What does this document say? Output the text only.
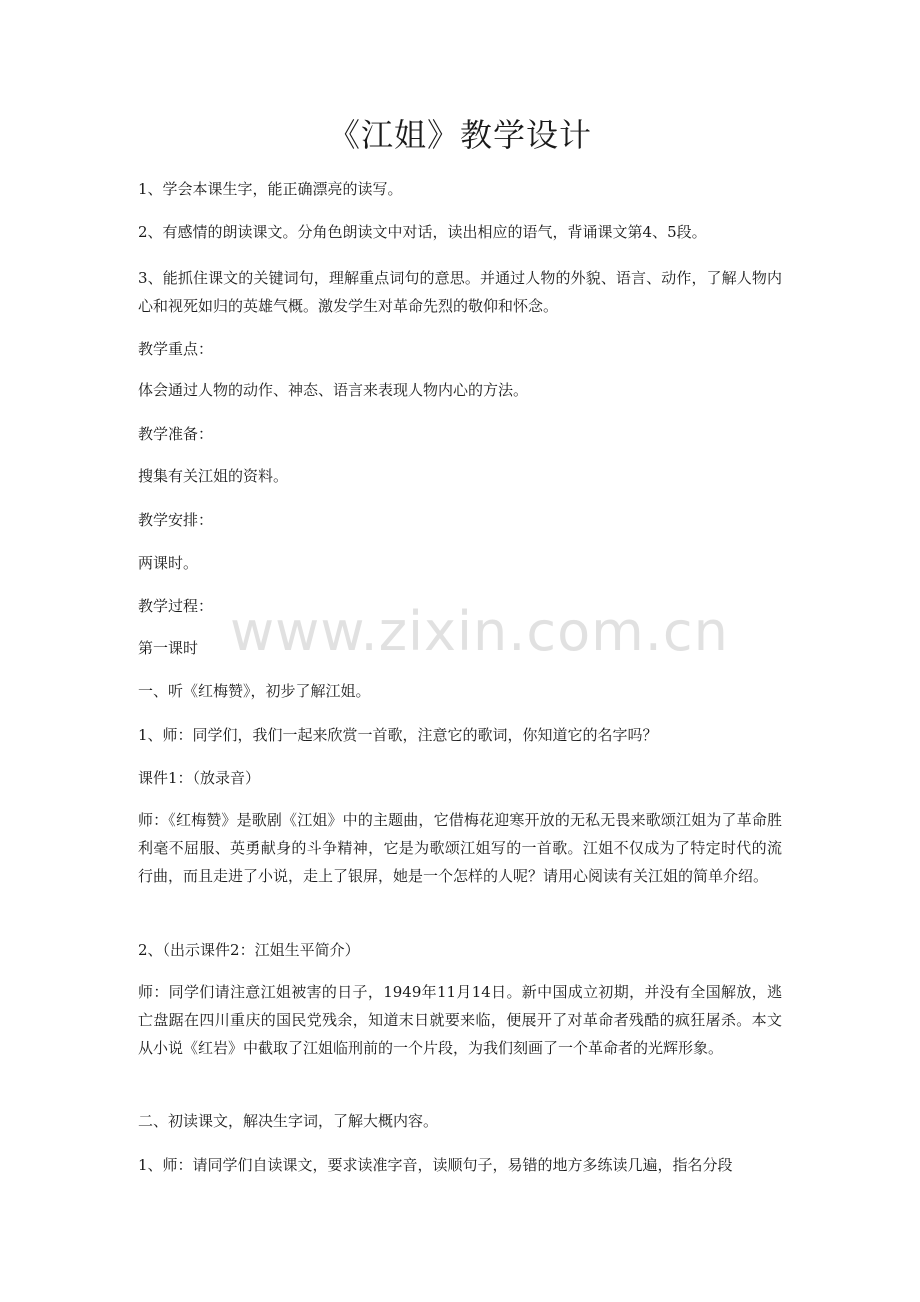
《江姐》教学设计
1、学会本课生字，能正确漂亮的读写。
2、有感情的朗读课文。分角色朗读文中对话，读出相应的语气，背诵课文第4、5段。
3、能抓住课文的关键词句，理解重点词句的意思。并通过人物的外貌、语言、动作，了解人物内心和视死如归的英雄气概。激发学生对革命先烈的敬仰和怀念。
教学重点：
体会通过人物的动作、神态、语言来表现人物内心的方法。
教学准备：
搜集有关江姐的资料。
教学安排：
两课时。
教学过程：
第一课时
一、听《红梅赞》，初步了解江姐。
1、师：同学们，我们一起来欣赏一首歌，注意它的歌词，你知道它的名字吗？
课件1：（放录音）
师：《红梅赞》是歌剧《江姐》中的主题曲，它借梅花迎寒开放的无私无畏来歌颂江姐为了革命胜利毫不屈服、英勇献身的斗争精神，它是为歌颂江姐写的一首歌。江姐不仅成为了特定时代的流行曲，而且走进了小说，走上了银屏，她是一个怎样的人呢？请用心阅读有关江姐的简单介绍。
2、（出示课件2：江姐生平简介）
师：同学们请注意江姐被害的日子，1949年11月14日。新中国成立初期，并没有全国解放，逃亡盘踞在四川重庆的国民党残余，知道末日就要来临，便展开了对革命者残酷的疯狂屠杀。本文从小说《红岩》中截取了江姐临刑前的一个片段，为我们刻画了一个革命者的光辉形象。
二、初读课文，解决生字词，了解大概内容。
1、师：请同学们自读课文，要求读准字音，读顺句子，易错的地方多练读几遍，指名分段
www.zixin.com.cn
